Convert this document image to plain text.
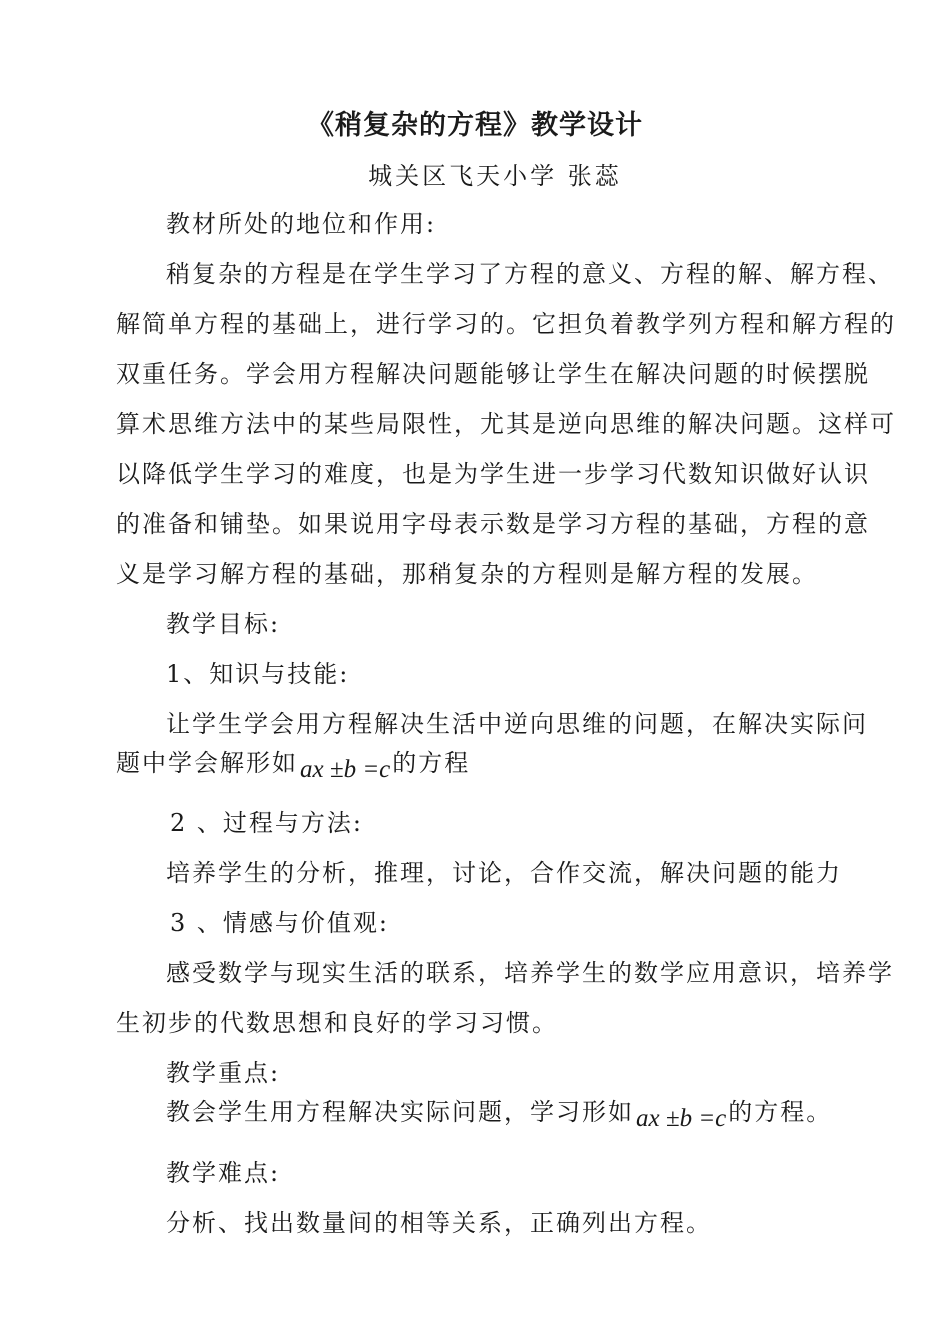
《稍复杂的方程》教学设计
城关区飞天小学 张蕊
教材所处的地位和作用:
稍复杂的方程是在学生学习了方程的意义、方程的解、解方程、
解简单方程的基础上，进行学习的。它担负着教学列方程和解方程的
双重任务。学会用方程解决问题能够让学生在解决问题的时候摆脱
算术思维方法中的某些局限性，尤其是逆向思维的解决问题。这样可
以降低学生学习的难度，也是为学生进一步学习代数知识做好认识
的准备和铺垫。如果说用字母表示数是学习方程的基础，方程的意
义是学习解方程的基础，那稍复杂的方程则是解方程的发展。
教学目标:
1、知识与技能:
让学生学会用方程解决生活中逆向思维的问题，在解决实际问
题中学会解形如ax ±b =c的方程
2 、过程与方法:
培养学生的分析，推理，讨论，合作交流，解决问题的能力
3 、情感与价值观:
感受数学与现实生活的联系，培养学生的数学应用意识，培养学
生初步的代数思想和良好的学习习惯。
教学重点:
教会学生用方程解决实际问题，学习形如ax ±b =c的方程。
教学难点:
分析、找出数量间的相等关系，正确列出方程。
